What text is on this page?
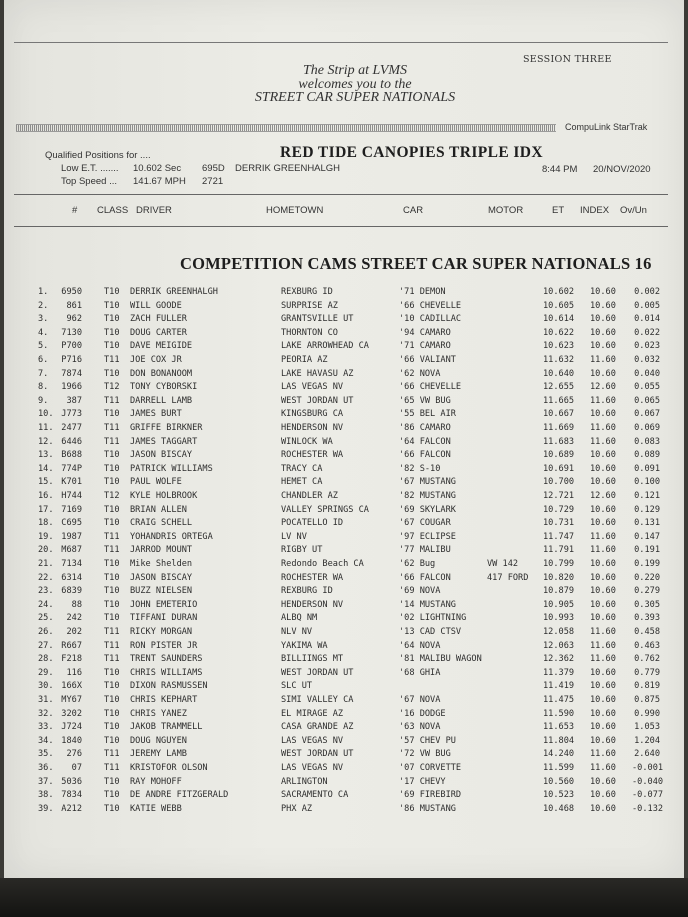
SESSION THREE
The Strip at LVMS
welcomes you to the
STREET CAR SUPER NATIONALS
CompuLink StarTrak
Qualified Positions for ....
Low E.T. ....... 10.602 Sec 695D DERRIK GREENHALGH
Top Speed ... 141.67 MPH 2721
RED TIDE CANOPIES TRIPLE IDX
8:44 PM 20/NOV/2020
# CLASS DRIVER	HOMETOWN	CAR	MOTOR	ET INDEX Ov/Un
COMPETITION CAMS STREET CAR SUPER NATIONALS 16
1. 6950	T10 DERRIK GREENHALGH	REXBURG ID	'71 DEMON	10.602 10.60 0.002
2.	861	T10 WILL GOODE	SURPRISE AZ	'66 CHEVELLE	10.605 10.60 0.005
3.	962	T10 ZACH FULLER	GRANTSVILLE UT	'10 CADILLAC	10.614 10.60 0.014
4. 7130	T10 DOUG CARTER	THORNTON CO	'94 CAMARO	10.622 10.60 0.022
5. P700	T10 DAVE MEIGIDE	LAKE ARROWHEAD CA	'71 CAMARO	10.623 10.60 0.023
6. P716	T11 JOE COX JR	PEORIA AZ	'66 VALIANT	11.632 11.60 0.032
7. 7874	T10 DON BONANOOM	LAKE HAVASU AZ	'62 NOVA	10.640 10.60 0.040
8. 1966	T12 TONY CYBORSKI	LAS VEGAS NV	'66 CHEVELLE	12.655 12.60 0.055
9.	387	T11 DARRELL LAMB	WEST JORDAN UT	'65 VW BUG	11.665 11.60 0.065
10. J773	T10 JAMES BURT	KINGSBURG CA	'55 BEL AIR	10.667 10.60 0.067
11. 2477	T11 GRIFFE BIRKNER	HENDERSON NV	'86 CAMARO	11.669 11.60 0.069
12. 6446	T11 JAMES TAGGART	WINLOCK WA	'64 FALCON	11.683 11.60 0.083
13. B688	T10 JASON BISCAY	ROCHESTER WA	'66 FALCON	10.689 10.60 0.089
14. 774P	T10 PATRICK WILLIAMS	TRACY CA	'82 S-10	10.691 10.60 0.091
15. K701	T10 PAUL WOLFE	HEMET CA	'67 MUSTANG	10.700 10.60 0.100
16. H744	T12 KYLE HOLBROOK	CHANDLER AZ	'82 MUSTANG	12.721 12.60 0.121
17. 7169	T10 BRIAN ALLEN	VALLEY SPRINGS CA	'69 SKYLARK	10.729 10.60 0.129
18. C695	T10 CRAIG SCHELL	POCATELLO ID	'67 COUGAR	10.731 10.60 0.131
19. 1987	T11 YOHANDRIS ORTEGA	LV NV	'97 ECLIPSE	11.747 11.60 0.147
20. M687	T11 JARROD MOUNT	RIGBY UT	'77 MALIBU	11.791 11.60 0.191
21. 7134	T10 Mike Shelden	Redondo Beach CA	'62 Bug	VW 142	10.799 10.60 0.199
22. 6314	T10 JASON BISCAY	ROCHESTER WA	'66 FALCON	417 FORD 10.820 10.60 0.220
23. 6839	T10 BUZZ NIELSEN	REXBURG ID	'69 NOVA	10.879 10.60 0.279
24.	88	T10 JOHN EMETERIO	HENDERSON NV	'14 MUSTANG	10.905 10.60 0.305
25.	242	T10 TIFFANI DURAN	ALBQ NM	'02 LIGHTNING	10.993 10.60 0.393
26.	202	T11 RICKY MORGAN	NLV NV	'13 CAD CTSV	12.058 11.60 0.458
27. R667	T11 RON PISTER JR	YAKIMA WA	'64 NOVA	12.063 11.60 0.463
28. F218	T11 TRENT SAUNDERS	BILLIINGS MT	'81 MALIBU WAGON	12.362 11.60 0.762
29.	116	T10 CHRIS WILLIAMS	WEST JORDAN UT	'68 GHIA	11.379 10.60 0.779
30. 166X	T10 DIXON RASMUSSEN	SLC UT	11.419 10.60 0.819
31. MY67	T10 CHRIS KEPHART	SIMI VALLEY CA	'67 NOVA	11.475 10.60 0.875
32. 3202	T10 CHRIS YANEZ	EL MIRAGE AZ	'16 DODGE	11.590 10.60 0.990
33. J724	T10 JAKOB TRAMMELL	CASA GRANDE AZ	'63 NOVA	11.653 10.60 1.053
34. 1840	T10 DOUG NGUYEN	LAS VEGAS NV	'57 CHEV PU	11.804 10.60 1.204
35.	276	T11 JEREMY LAMB	WEST JORDAN UT	'72 VW BUG	14.240 11.60 2.640
36.	07	T11 KRISTOFOR OLSON	LAS VEGAS NV	'07 CORVETTE	11.599 11.60 -0.001
37. 5036	T10 RAY MOHOFF	ARLINGTON	'17 CHEVY	10.560 10.60 -0.040
38. 7834	T10 DE ANDRE FITZGERALD	SACRAMENTO CA	'69 FIREBIRD	10.523 10.60 -0.077
39. A212	T10 KATIE WEBB	PHX AZ	'86 MUSTANG	10.468 10.60 -0.132
